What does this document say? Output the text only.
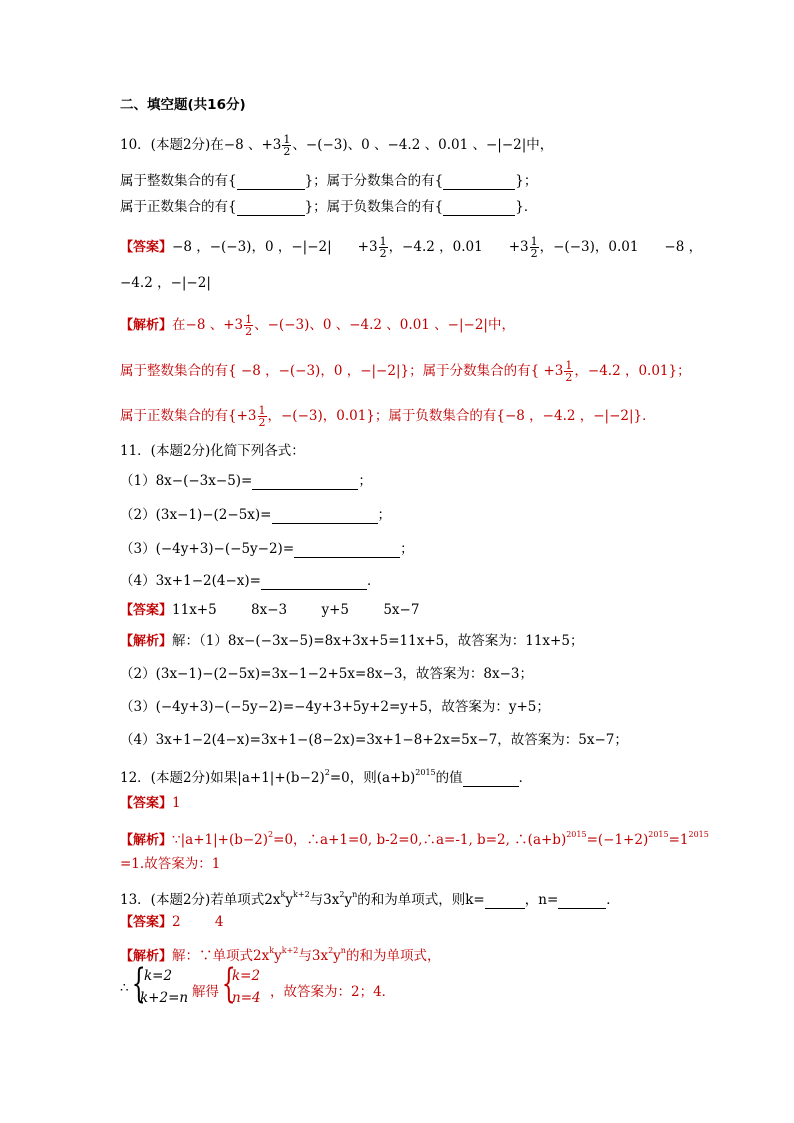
二、填空题(共16分)
10．(本题2分)在−8 、$+3 \frac{1}{2}$ 、−(−3)、0 、−4.2 、0.01 、−|−2|中，
属于整数集合的有{	}；属于分数集合的有{	}；
属于正数集合的有{	}；属于负数集合的有{	}．
【答案】−8 ，−(−3)，0 ，$-|-2| +3 \frac{1}{2}$ ，−4.2 ，$0.01 +3 \frac{1}{2}$ ，−(−3)，0.01 −8 ，
−4.2 ，−|−2|
【解析】在−8 、$+3 \frac{1}{2}$ 、−(−3)、0 、−4.2 、0.01 、−|−2|中，
属于整数集合的有{ −8 ，−(−3)，0 ，−|−2|}；属于分数集合的有{ $+3 \frac{1}{2}$ ，−4.2 ，0.01}；
属于正数集合的有{$+3 \frac{1}{2}$ ，−(−3)，0.01}；属于负数集合的有{−8 ，−4.2 ，−|−2|}．
11．(本题2分)化简下列各式：
（1）8x−(−3x−5)=	；
（2）(3x−1)−(2−5x)=	；
（3）(−4y+3)−(−5y−2)=	；
（4）3x+1−2(4−x)=	．
【答案】11x+5        8x−3        y+5        5x−7
【解析】解：（1）8x−(−3x−5)=8x+3x+5=11x+5，故答案为：11x+5；
（2）(3x−1)−(2−5x)=3x−1−2+5x=8x−3，故答案为：8x−3；
（3）(−4y+3)−(−5y−2)=−4y+3+5y+2=y+5，故答案为：y+5；
（4）3x+1−2(4−x)=3x+1−(8−2x)=3x+1−8+2x=5x−7，故答案为：5x−7；
12．(本题2分)如果$|a+1|+(b-2)^2=0$，则$(a+b)^{2015}$的值	．
【答案】1
【解析】$\because|a+1|+(b-2)^2=0$，∴a+1=0, b-2=0,∴a=-1, b=2, $\therefore(a+b)^{2015}=(-1+2)^{2015}=1^{2015}$
=1.故答案为：1
13．(本题2分)若单项式$2x^ky^{k+2}$与$3x^2y^n$的和为单项式，则k=	，n=	．
【答案】2        4
【解析】解：∵单项式$2x^ky^{k+2}$与$3x^2y^n$的和为单项式，
∴ {
k=2
k+2=n 解得 {
k=2
n=4 ，故答案为：2；4．
